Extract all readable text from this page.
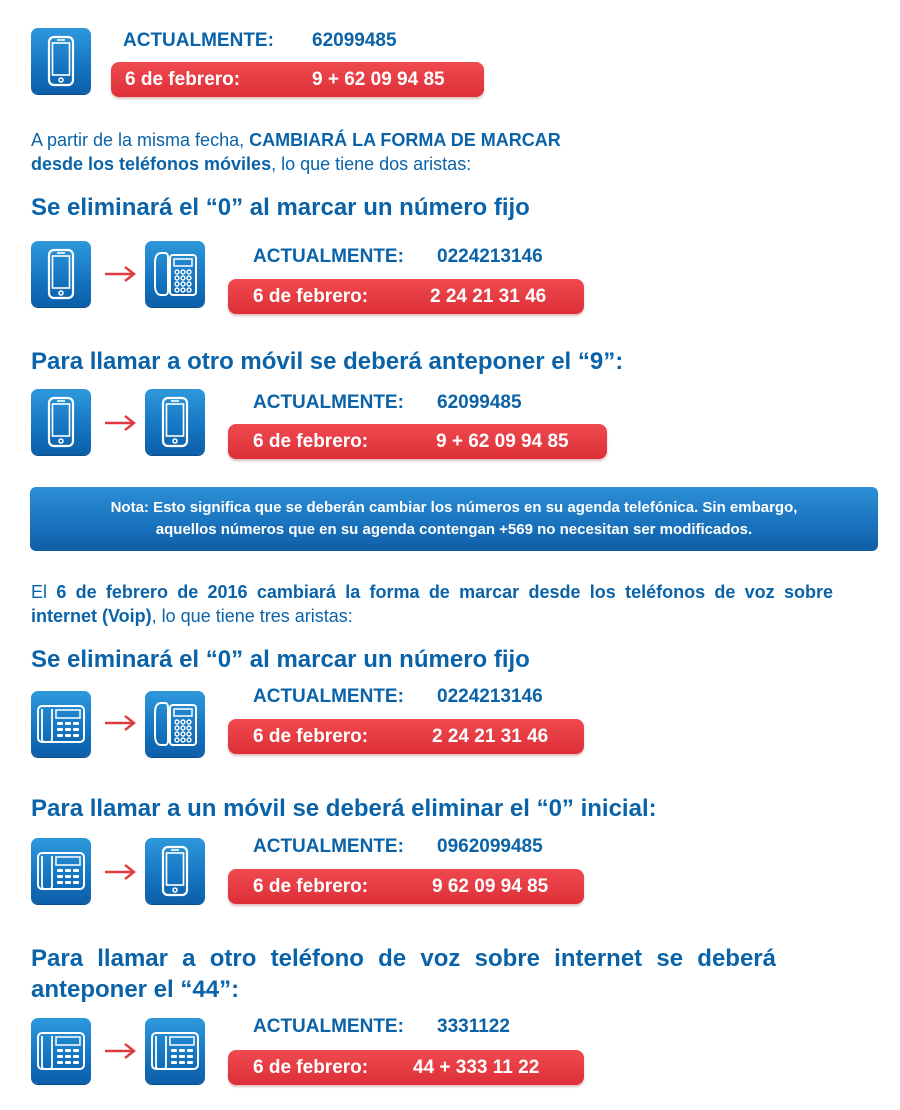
ACTUALMENTE: 62099485
6 de febrero:	9 + 62 09 94 85
A partir de la misma fecha, CAMBIARÁ LA FORMA DE MARCAR
desde los teléfonos móviles, lo que tiene dos aristas:
Se eliminará el “0” al marcar un número fijo
ACTUALMENTE: 0224213146
6 de febrero:	2 24 21 31 46
Para llamar a otro móvil se deberá anteponer el “9”:
ACTUALMENTE: 62099485
6 de febrero:	9 + 62 09 94 85
Nota: Esto significa que se deberán cambiar los números en su agenda telefónica. Sin embargo,
aquellos números que en su agenda contengan +569 no necesitan ser modificados.
El 6 de febrero de 2016 cambiará la forma de marcar desde los teléfonos de voz sobre internet (Voip), lo que tiene tres aristas:
Se eliminará el “0” al marcar un número fijo
ACTUALMENTE: 0224213146
6 de febrero:	2 24 21 31 46
Para llamar a un móvil se deberá eliminar el “0” inicial:
ACTUALMENTE: 0962099485
6 de febrero:	9 62 09 94 85
Para llamar a otro teléfono de voz sobre internet se deberá anteponer el “44”:
ACTUALMENTE: 3331122
6 de febrero: 44 + 333 11 22
